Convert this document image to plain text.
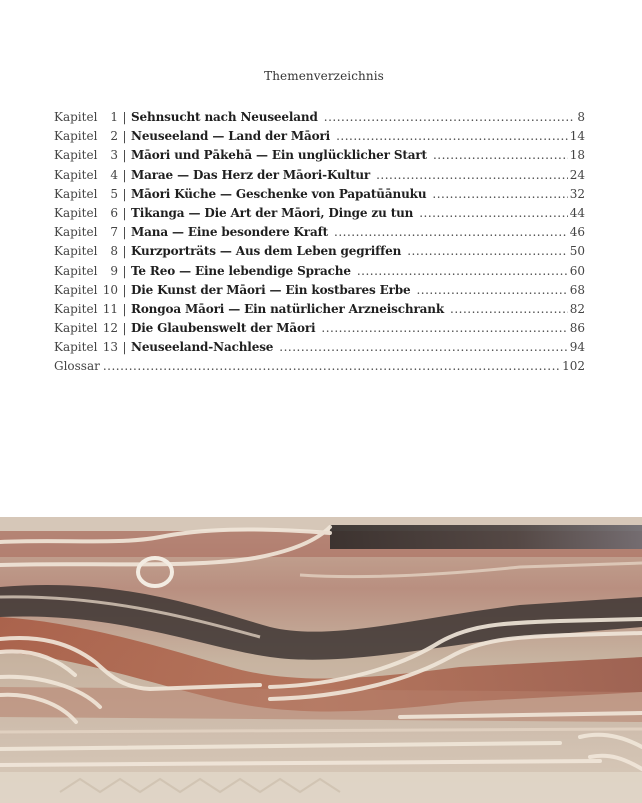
Themenverzeichnis
Kapitel	1 | Sehnsucht nach Neuseeland .....	8
Kapitel	2 | Neuseeland — Land der Māori .....	14
Kapitel	3 | Māori und Pākehā — Ein unglücklicher Start .....	18
Kapitel	4 | Marae — Das Herz der Māori-Kultur .....	24
Kapitel	5 | Māori Küche — Geschenke von Papatūānuku .....	32
Kapitel	6 | Tikanga — Die Art der Māori, Dinge zu tun .....	44
Kapitel	7 | Mana — Eine besondere Kraft .....	46
Kapitel	8 | Kurzporträts — Aus dem Leben gegriffen .....	50
Kapitel	9 | Te Reo — Eine lebendige Sprache .....	60
Kapitel 10 | Die Kunst der Māori — Ein kostbares Erbe .....	68
Kapitel 11 | Rongoa Māori — Ein natürlicher Arzneischrank .....	82
Kapitel 12 | Die Glaubenswelt der Māori .....	86
Kapitel 13 | Neuseeland-Nachlese .....	94
Glossar .....	102
